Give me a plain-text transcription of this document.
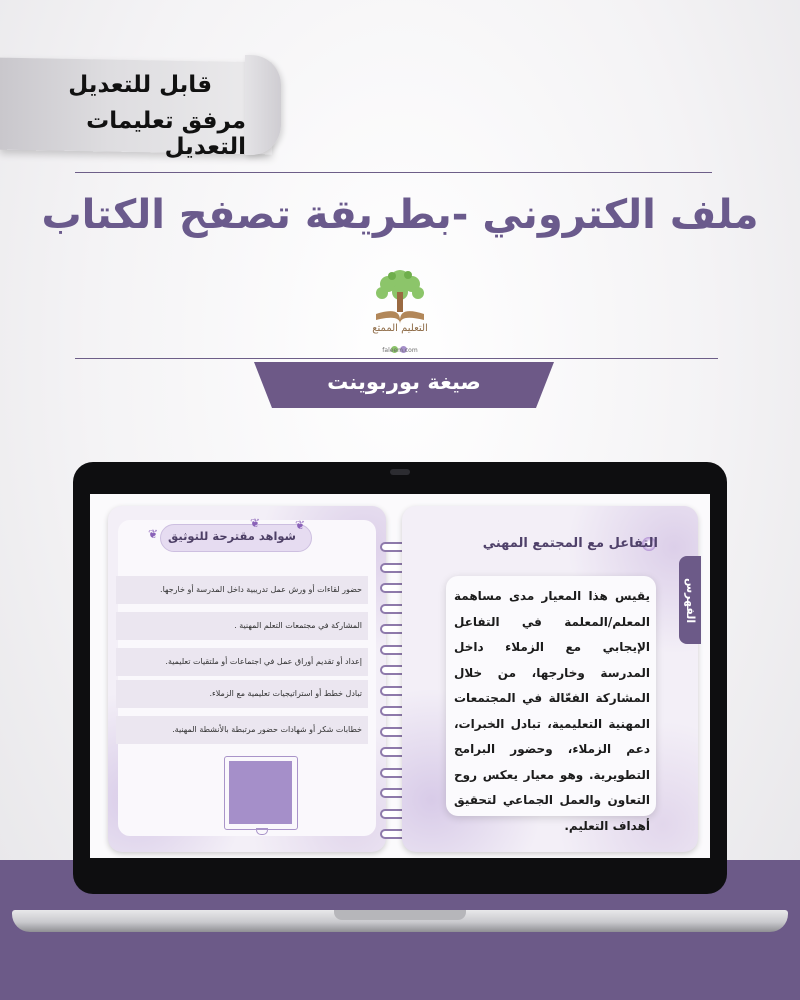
قابل للتعديل
مرفق تعليمات التعديل
ملف الكتروني -بطريقة تصفح الكتاب
التعليم الممتع
faleem.com
صيغة بوربوينت
شواهد مقترحة للتوثيق
❦
❦
❦
حضور لقاءات أو ورش عمل تدريبية داخل المدرسة أو خارجها.
المشاركة في مجتمعات التعلم المهنية .
إعداد أو تقديم أوراق عمل في اجتماعات أو ملتقيات تعليمية.
تبادل خطط أو استراتيجيات تعليمية مع الزملاء.
خطابات شكر أو شهادات حضور مرتبطة بالأنشطة المهنية.
التفاعل مع المجتمع المهني
يقيس هذا المعيار مدى مساهمة المعلم/المعلمة في التفاعل الإيجابي مع الزملاء داخل المدرسة وخارجها، من خلال المشاركة الفعّالة في المجتمعات المهنية التعليمية، تبادل الخبرات، دعم الزملاء، وحضور البرامج التطويرية. وهو معيار يعكس روح التعاون والعمل الجماعي لتحقيق أهداف التعليم.
الفهرس
